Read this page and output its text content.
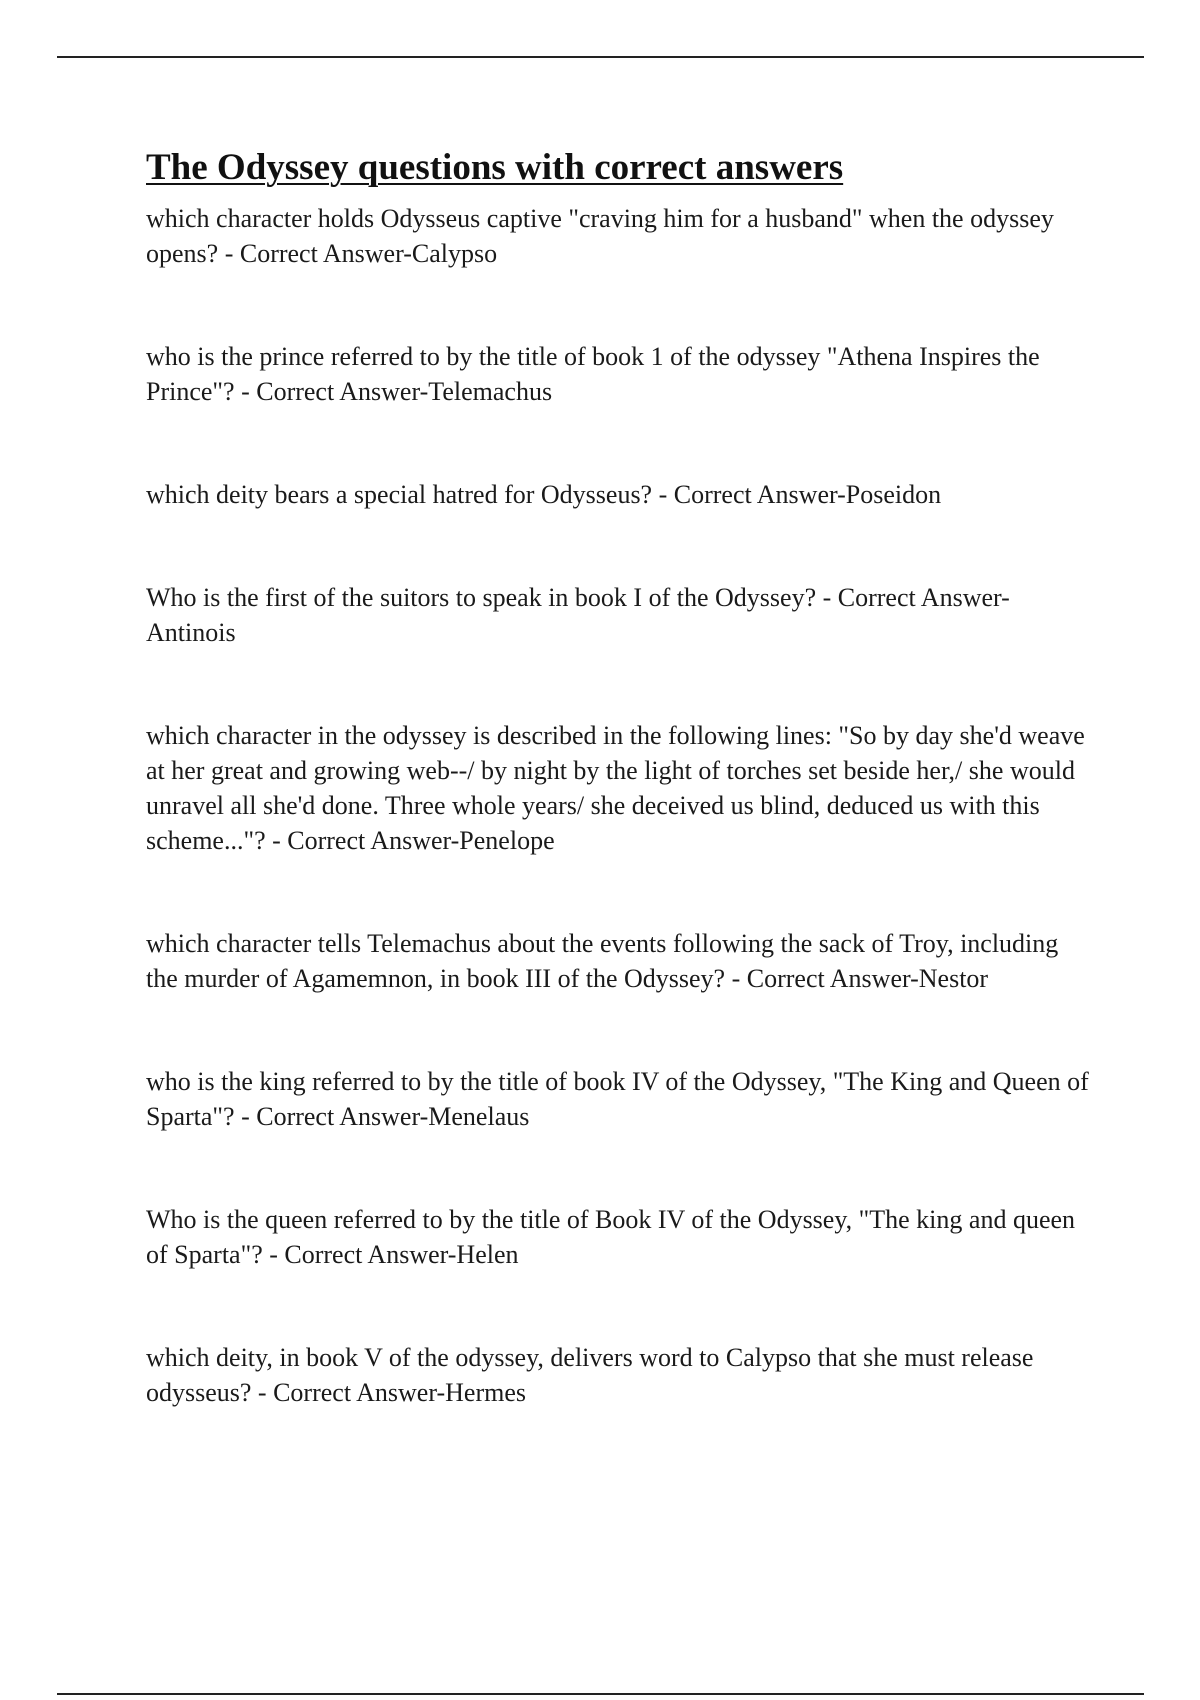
The Odyssey questions with correct answers
which character holds Odysseus captive "craving him for a husband" when the odyssey opens? - Correct Answer-Calypso
who is the prince referred to by the title of book 1 of the odyssey "Athena Inspires the Prince"? - Correct Answer-Telemachus
which deity bears a special hatred for Odysseus? - Correct Answer-Poseidon
Who is the first of the suitors to speak in book I of the Odyssey? - Correct Answer-Antinois
which character in the odyssey is described in the following lines: "So by day she'd weave at her great and growing web--/ by night by the light of torches set beside her,/ she would unravel all she'd done. Three whole years/ she deceived us blind, deduced us with this scheme..."? - Correct Answer-Penelope
which character tells Telemachus about the events following the sack of Troy, including the murder of Agamemnon, in book III of the Odyssey? - Correct Answer-Nestor
who is the king referred to by the title of book IV of the Odyssey, "The King and Queen of Sparta"? - Correct Answer-Menelaus
Who is the queen referred to by the title of Book IV of the Odyssey, "The king and queen of Sparta"? - Correct Answer-Helen
which deity, in book V of the odyssey, delivers word to Calypso that she must release odysseus? - Correct Answer-Hermes
